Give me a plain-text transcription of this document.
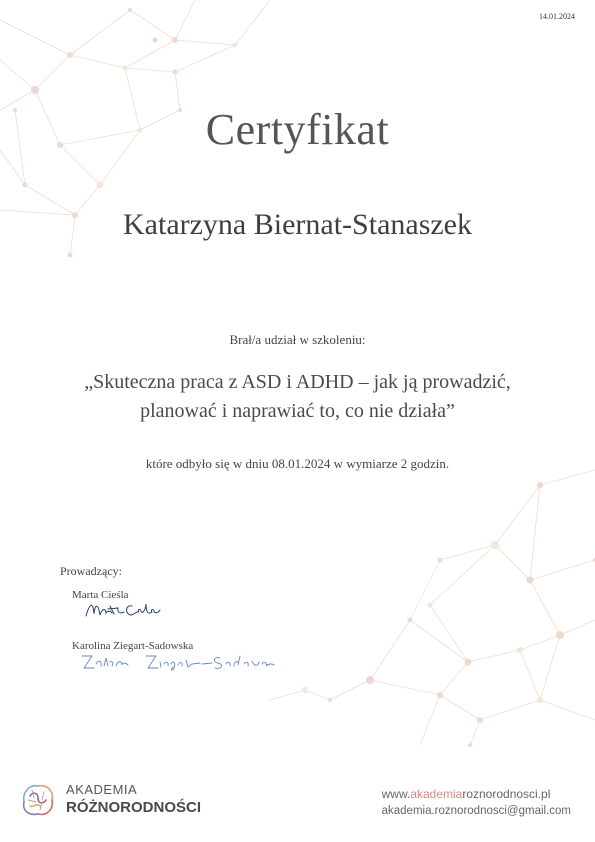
14.01.2024
Certyfikat
Katarzyna Biernat-Stanaszek
Brał/a udział w szkoleniu:
„Skuteczna praca z ASD i ADHD – jak ją prowadzić,
planować i naprawiać to, co nie działa”
które odbyło się w dniu 08.01.2024 w wymiarze 2 godzin.
Prowadzący:
Marta Cieśla
Karolina Ziegart-Sadowska
AKADEMIA
RÓŻNORODNOŚCI
www.akademiaroznorodnosci.pl
akademia.roznorodnosci@gmail.com
